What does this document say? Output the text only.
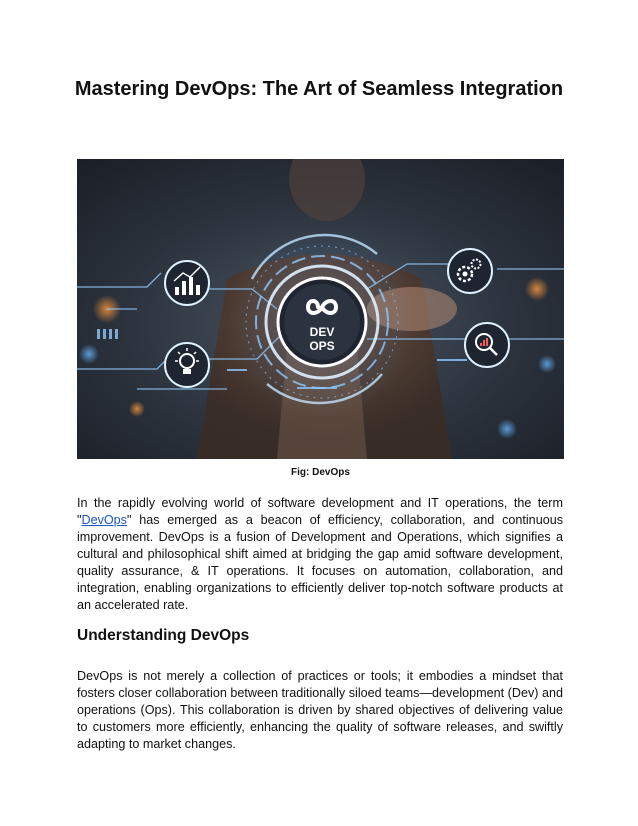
Mastering DevOps: The Art of Seamless Integration
DEV
OPS
Fig: DevOps

In the rapidly evolving world of software development and IT operations, the term "DevOps" has emerged as a beacon of efficiency, collaboration, and continuous improvement. DevOps is a fusion of Development and Operations, which signifies a cultural and philosophical shift aimed at bridging the gap amid software development, quality assurance, & IT operations. It focuses on automation, collaboration, and integration, enabling organizations to efficiently deliver top-notch software products at an accelerated rate.

Understanding DevOps

DevOps is not merely a collection of practices or tools; it embodies a mindset that fosters closer collaboration between traditionally siloed teams—development (Dev) and operations (Ops). This collaboration is driven by shared objectives of delivering value to customers more efficiently, enhancing the quality of software releases, and swiftly adapting to market changes.
